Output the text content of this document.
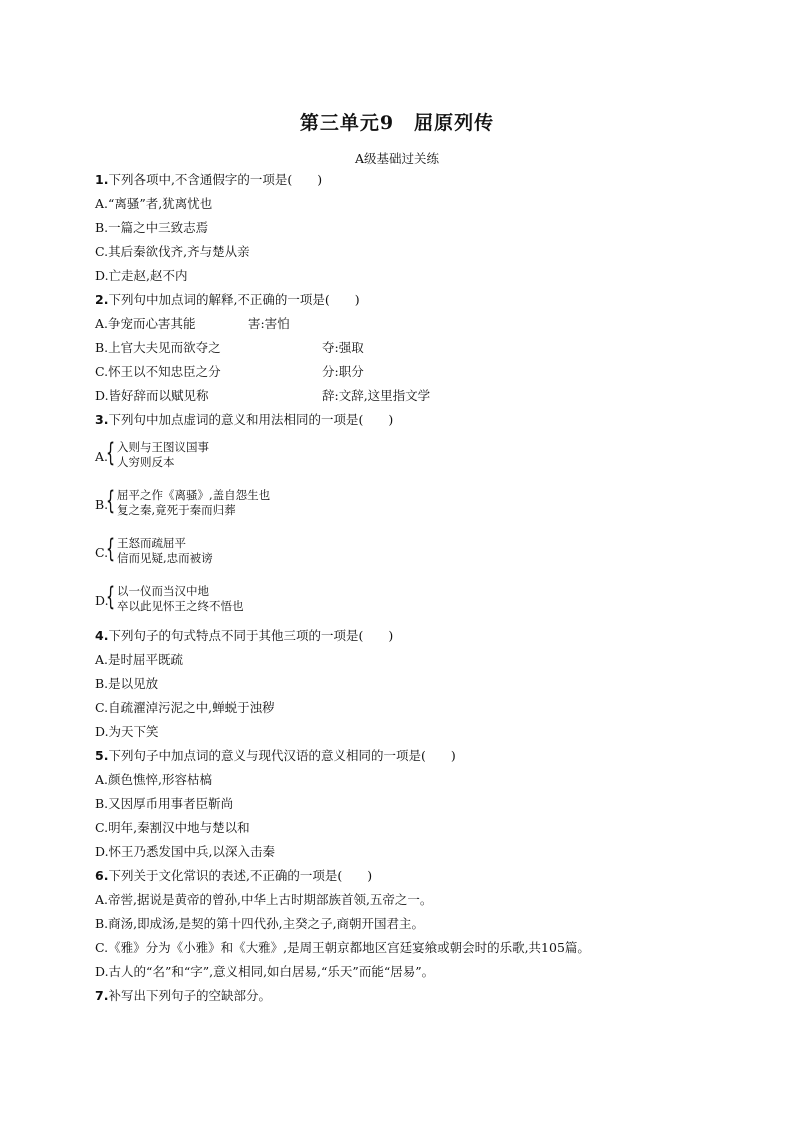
第三单元9　屈原列传
A级基础过关练
1.下列各项中,不含通假字的一项是(　　)
A.“离骚”者,犹离忧也
B.一篇之中三致志焉
C.其后秦欲伐齐,齐与楚从亲
D.亡走赵,赵不内
2.下列句中加点词的解释,不正确的一项是(　　)
A.争宠而心害其能	害:害怕
B.上官大夫见而欲夺之	夺:强取
C.怀王以不知忠臣之分	分:职分
D.皆好辞而以赋见称	辞:文辞,这里指文学
3.下列句中加点虚词的意义和用法相同的一项是(　　)
A.
{ 入则与王图议国事
人穷则反本
B.
{ 屈平之作《离骚》,盖自怨生也
复之秦,竟死于秦而归葬
C.
{ 王怒而疏屈平
信而见疑,忠而被谤
D.
{ 以一仪而当汉中地
卒以此见怀王之终不悟也
4.下列句子的句式特点不同于其他三项的一项是(　　)
A.是时屈平既疏
B.是以见放
C.自疏濯淖污泥之中,蝉蜕于浊秽
D.为天下笑
5.下列句子中加点词的意义与现代汉语的意义相同的一项是(　　)
A.颜色憔悴,形容枯槁
B.又因厚币用事者臣靳尚
C.明年,秦割汉中地与楚以和
D.怀王乃悉发国中兵,以深入击秦
6.下列关于文化常识的表述,不正确的一项是(　　)
A.帝喾,据说是黄帝的曾孙,中华上古时期部族首领,五帝之一。
B.商汤,即成汤,是契的第十四代孙,主癸之子,商朝开国君主。
C.《雅》分为《小雅》和《大雅》,是周王朝京都地区宫廷宴飨或朝会时的乐歌,共105篇。
D.古人的“名”和“字”,意义相同,如白居易,“乐天”而能“居易”。
7.补写出下列句子的空缺部分。
